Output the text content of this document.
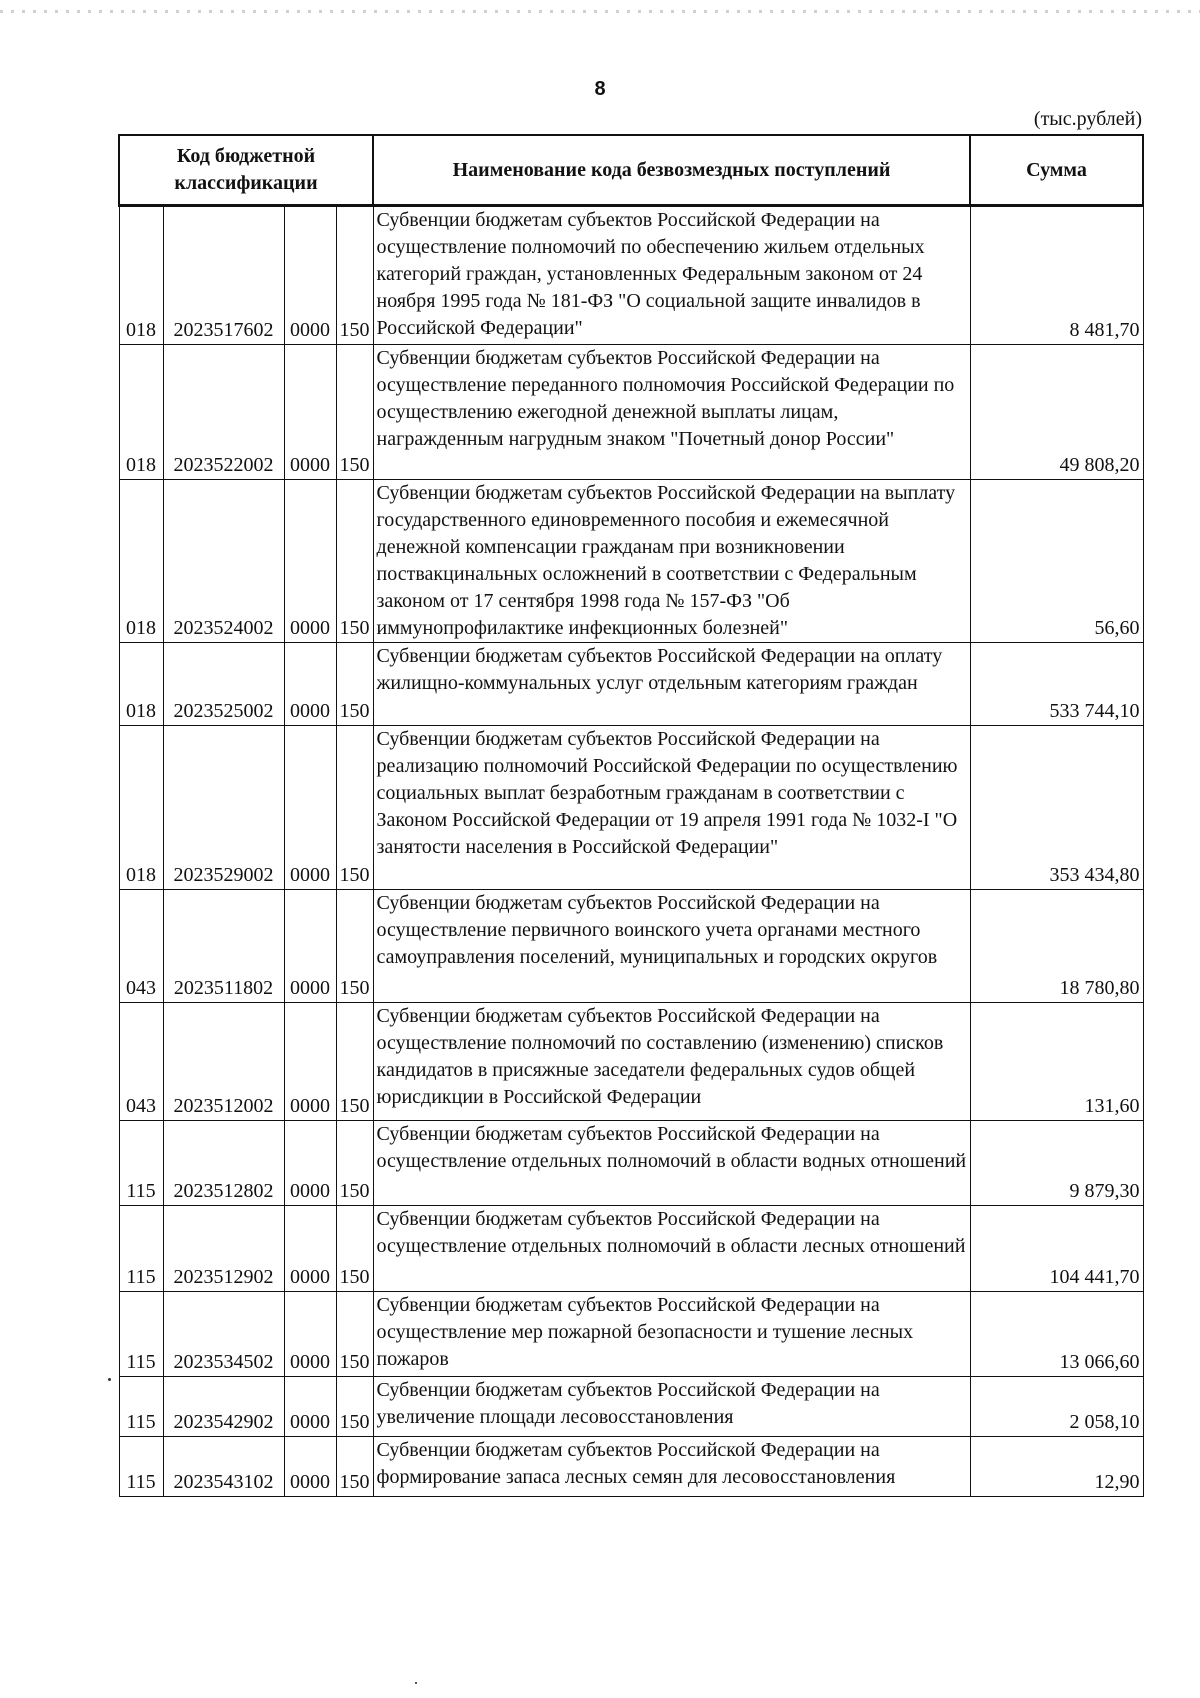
8
(тыс.рублей)
Код бюджетной классификации				Наименование кода безвозмездных поступлений	Сумма
018	2023517602	0000	150	Субвенции бюджетам субъектов Российской Федерации на осуществление полномочий по обеспечению жильем отдельных категорий граждан, установленных Федеральным законом от 24 ноября 1995 года № 181-ФЗ "О социальной защите инвалидов в Российской Федерации"	8 481,70
018	2023522002	0000	150	Субвенции бюджетам субъектов Российской Федерации на осуществление переданного полномочия Российской Федерации по осуществлению ежегодной денежной выплаты лицам, награжденным нагрудным знаком "Почетный донор России"	49 808,20
018	2023524002	0000	150	Субвенции бюджетам субъектов Российской Федерации на выплату государственного единовременного пособия и ежемесячной денежной компенсации гражданам при возникновении поствакцинальных осложнений в соответствии с Федеральным законом от 17 сентября 1998 года № 157-ФЗ "Об иммунопрофилактике инфекционных болезней"	56,60
018	2023525002	0000	150	Субвенции бюджетам субъектов Российской Федерации на оплату жилищно-коммунальных услуг отдельным категориям граждан	533 744,10
018	2023529002	0000	150	Субвенции бюджетам субъектов Российской Федерации на реализацию полномочий Российской Федерации по осуществлению социальных выплат безработным гражданам в соответствии с Законом Российской Федерации от 19 апреля 1991 года № 1032-I "О занятости населения в Российской Федерации"	353 434,80
043	2023511802	0000	150	Субвенции бюджетам субъектов Российской Федерации на осуществление первичного воинского учета органами местного самоуправления поселений, муниципальных и городских округов	18 780,80
043	2023512002	0000	150	Субвенции бюджетам субъектов Российской Федерации на осуществление полномочий по составлению (изменению) списков кандидатов в присяжные заседатели федеральных судов общей юрисдикции в Российской Федерации	131,60
115	2023512802	0000	150	Субвенции бюджетам субъектов Российской Федерации на осуществление отдельных полномочий в области водных отношений	9 879,30
115	2023512902	0000	150	Субвенции бюджетам субъектов Российской Федерации на осуществление отдельных полномочий в области лесных отношений	104 441,70
115	2023534502	0000	150	Субвенции бюджетам субъектов Российской Федерации на осуществление мер пожарной безопасности и тушение лесных пожаров	13 066,60
115	2023542902	0000	150	Субвенции бюджетам субъектов Российской Федерации на увеличение площади лесовосстановления	2 058,10
115	2023543102	0000	150	Субвенции бюджетам субъектов Российской Федерации на формирование запаса лесных семян для лесовосстановления	12,90
